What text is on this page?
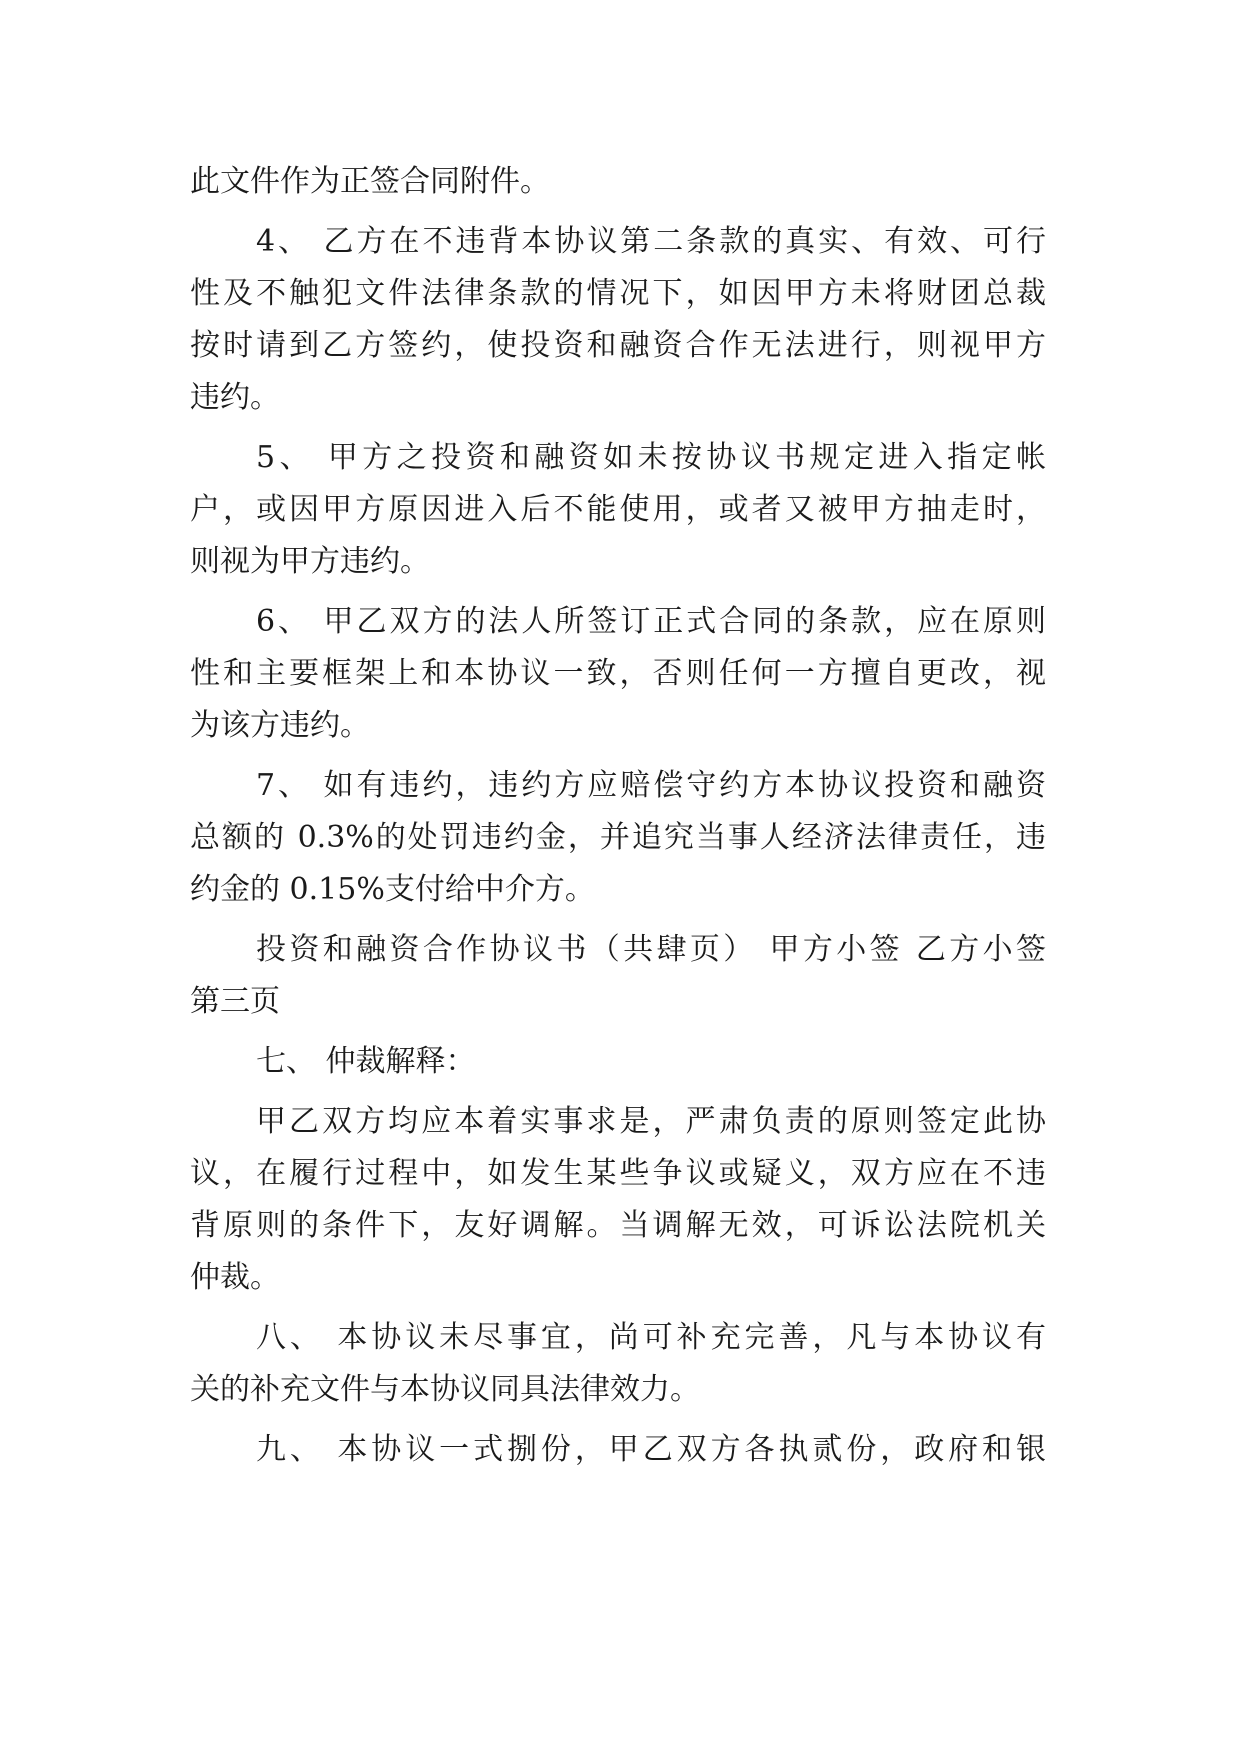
此文件作为正签合同附件。
4、 乙方在不违背本协议第二条款的真实、有效、可行
性及不触犯文件法律条款的情况下，如因甲方未将财团总裁
按时请到乙方签约，使投资和融资合作无法进行，则视甲方
违约。
5、 甲方之投资和融资如未按协议书规定进入指定帐
户，或因甲方原因进入后不能使用，或者又被甲方抽走时，
则视为甲方违约。
6、 甲乙双方的法人所签订正式合同的条款，应在原则
性和主要框架上和本协议一致，否则任何一方擅自更改，视
为该方违约。
7、 如有违约，违约方应赔偿守约方本协议投资和融资
总额的 0.3%的处罚违约金，并追究当事人经济法律责任，违
约金的 0.15%支付给中介方。
投资和融资合作协议书（共肆页） 甲方小签 乙方小签
第三页
七、 仲裁解释：
甲乙双方均应本着实事求是，严肃负责的原则签定此协
议，在履行过程中，如发生某些争议或疑义，双方应在不违
背原则的条件下，友好调解。当调解无效，可诉讼法院机关
仲裁。
八、 本协议未尽事宜，尚可补充完善，凡与本协议有
关的补充文件与本协议同具法律效力。
九、 本协议一式捌份，甲乙双方各执贰份，政府和银
